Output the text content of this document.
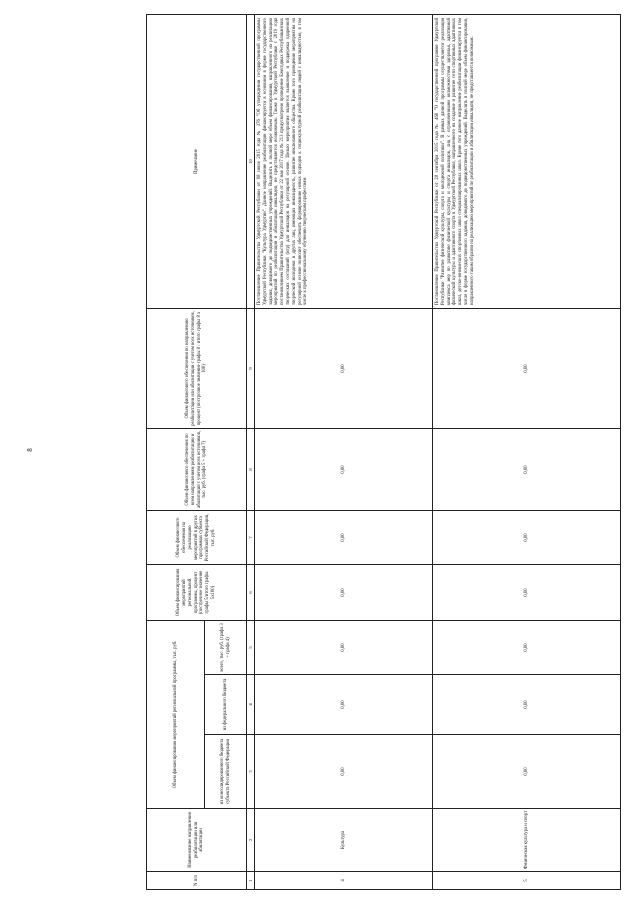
8
N п/п	Наименование направления реабилитации или абилитации	Объем финансирования мероприятий региональной программы, тыс. руб.			Объем финансирования мероприятий региональной программы, процент (построчное значение графы 5/итого графы 5х100)	Объем финансового обеспечения на реализацию мероприятий в других программах субъекта Российской Федерации, тыс. руб.	Объем финансового обеспечения по всем направлениям реабилитации и абилитации с учетом всех источников, тыс. руб. (графа 5 + графа 7)	Объем финансового обеспечения по направлению реабилитации или абилитации с учетом всех источников, процент (построчное значение графы 8 / итого графы 8 х 100)	Примечание
		из консолидированного бюджета субъекта Российской Федерации	из федерального бюджета	всего, тыс. руб. (графа 3 + графа 4)					
1	2	3	4	5	6	7	8	9	10
4	Культура	0,00	0,00	0,00	0,00	0,00	0,00	0,00	Постановление Правительства Удмуртской Республики от 08 июля 2015 года № 376 "Об утверждении государственной программы Удмуртской Республики "Культура Удмуртии". Данное направление реабилитации финансируется в основном в форме государственного задания, доводимого до подведомственных учреждений. Выделить в полной мере объем финансирования, направленного на реализацию мероприятий по реабилитации и абилитации инвалидов, не представляется возможным. Также в Удмуртской Республике с 2019 года постановлением Правительства Удмуртской Республики от 22 мая 2017 года № 213 предусмотрено проведение Ежегодных Республиканских творческих состязаний (игр) для инвалидов на регулярной основе. Целью мероприятия является выявление и поддержка одаренной творческой молодежи и других лиц, имеющих инвалидность, развитие инклюзивного общества. Кроме того проведение мероприятия на регулярной основе позволит обеспечить формирование новых подходов к социокультурной реабилитации людей с инвалидностью, в том числе к профессиональному обучению творческим профессиям
5	Физическая культура и спорт	0,00	0,00	0,00	0,00	0,00	0,00	0,00	Постановление Правительства Удмуртской Республики от 28 сентября 2015 года № 460 "О государственной программе Удмуртской Республики "Развитие физической культуры, спорта и молодежной политики". В рамках данной программы осуществляется реализация комплекса мер по развитию физической культуры и спорта инвалидов, лиц с ограниченными возможностями здоровья, адаптивной физической культуры и адаптивного спорта в Удмуртской Республике, направленного на создание и развитие сети спортивных адаптивных школ, детско-юношеских спортивных школ специализированных школ. Кроме того данное направление реабилитации финансируется в том числе в форме государственного задания, доводимого до подведомственных учреждений. Выделить в полной мере объем финансирования, направленного таким образом на реализацию мероприятий по реабилитации и абилитации инвалидов, не представляется возможным.
